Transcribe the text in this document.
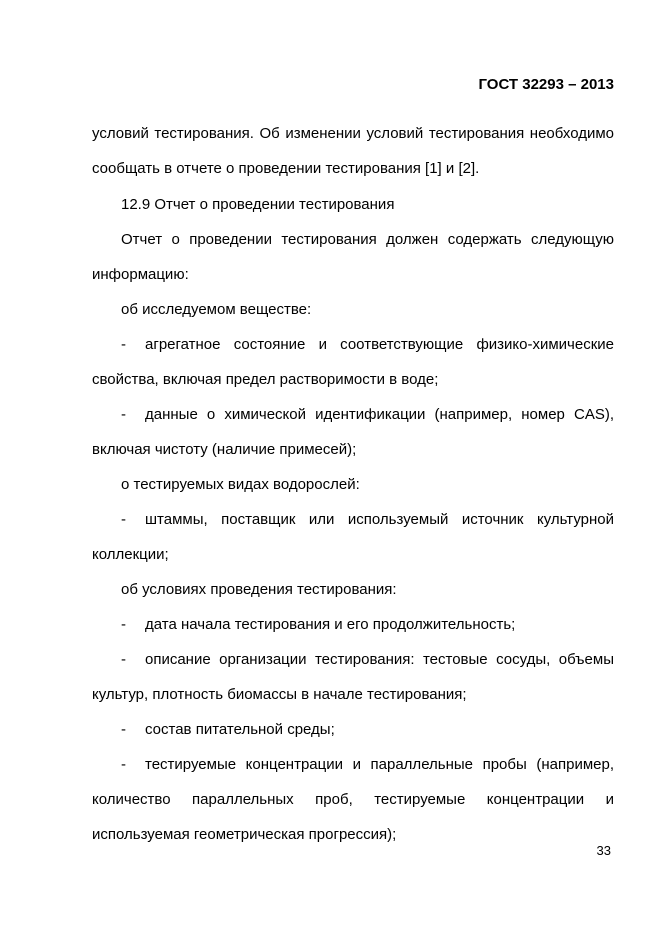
ГОСТ 32293 – 2013
условий тестирования. Об изменении условий тестирования необходимо
сообщать в отчете о проведении тестирования [1] и [2].
12.9 Отчет о проведении тестирования
Отчет о проведении тестирования должен содержать следующую
информацию:
об исследуемом веществе:
- агрегатное состояние и соответствующие физико-химические
свойства, включая предел растворимости в воде;
- данные о химической идентификации (например, номер CAS),
включая чистоту (наличие примесей);
о тестируемых видах водорослей:
- штаммы, поставщик или используемый источник культурной
коллекции;
об условиях проведения тестирования:
- дата начала тестирования и его продолжительность;
- описание организации тестирования: тестовые сосуды, объемы
культур, плотность биомассы в начале тестирования;
- состав питательной среды;
- тестируемые концентрации и параллельные пробы (например,
количество параллельных проб, тестируемые концентрации и
используемая геометрическая прогрессия);
33
